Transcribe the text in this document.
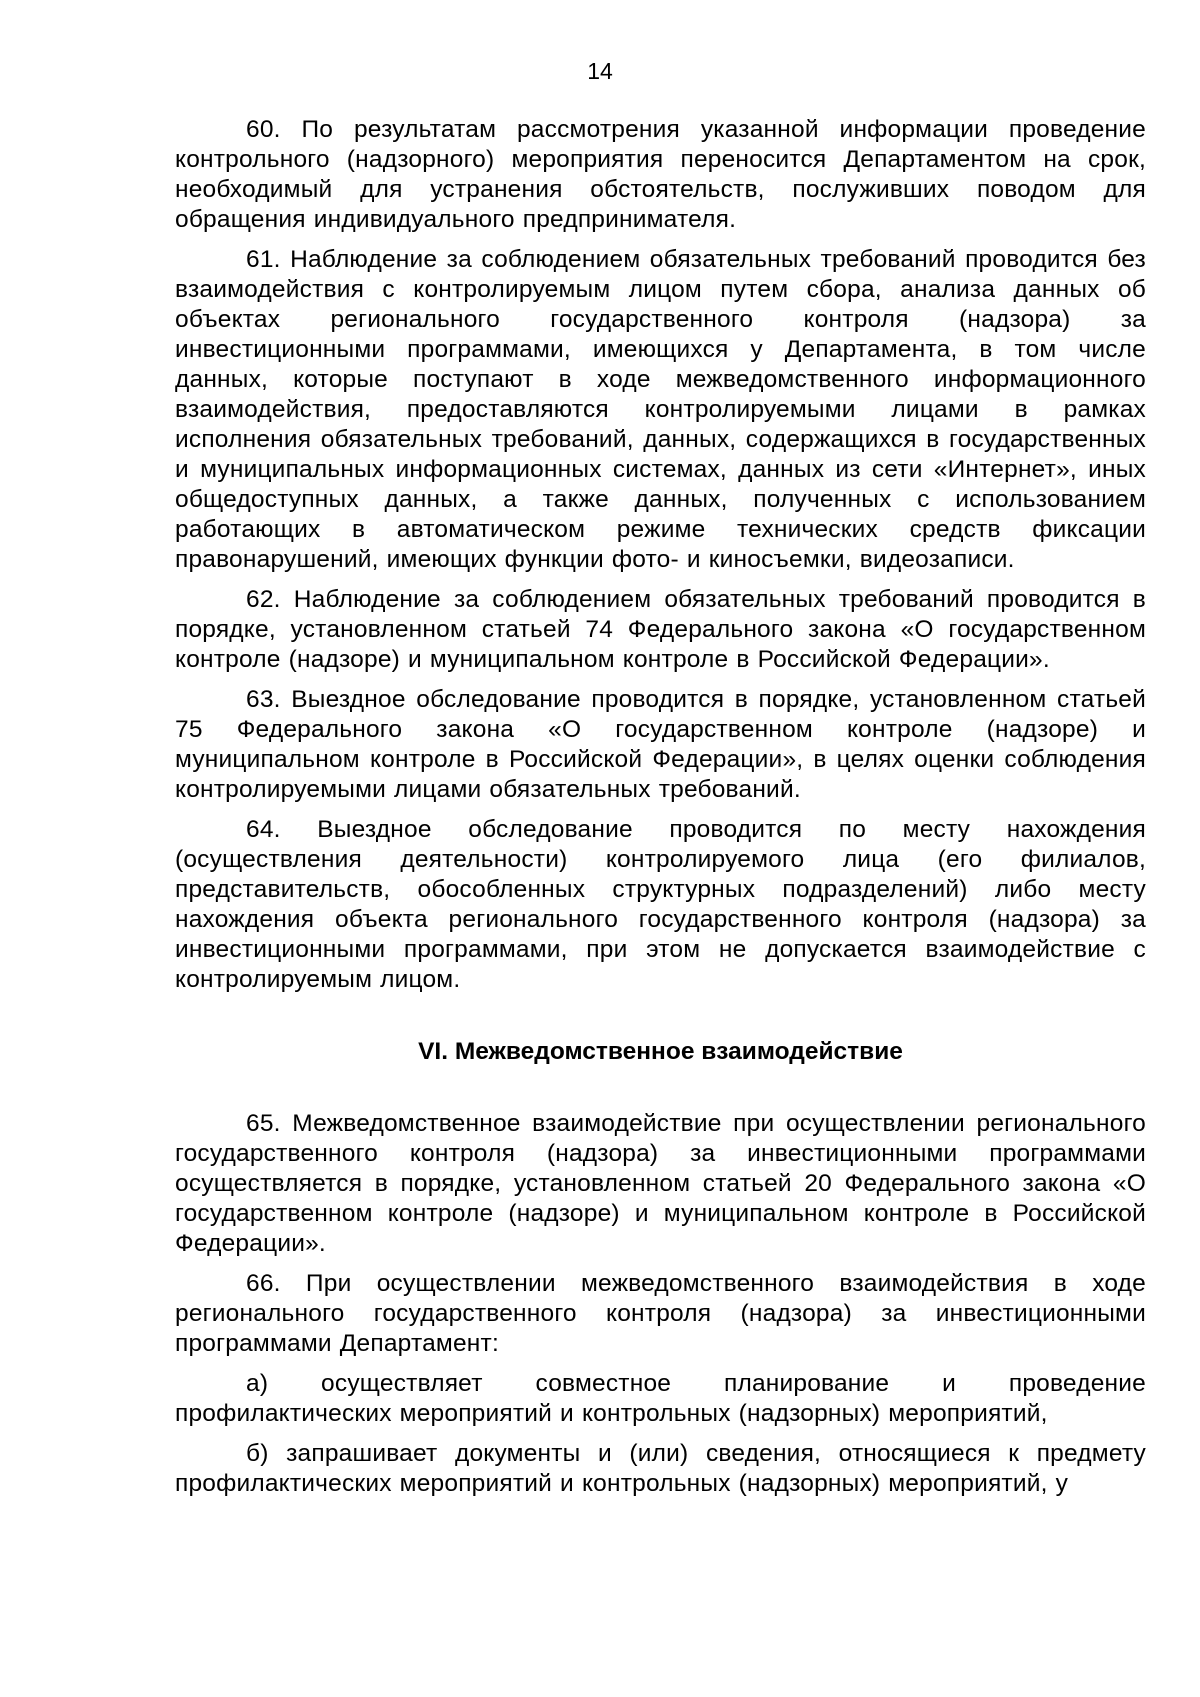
14

60. По результатам рассмотрения указанной информации проведение контрольного (надзорного) мероприятия переносится Департаментом на срок, необходимый для устранения обстоятельств, послуживших поводом для обращения индивидуального предпринимателя.

61. Наблюдение за соблюдением обязательных требований проводится без взаимодействия с контролируемым лицом путем сбора, анализа данных об объектах регионального государственного контроля (надзора) за инвестиционными программами, имеющихся у Департамента, в том числе данных, которые поступают в ходе межведомственного информационного взаимодействия, предоставляются контролируемыми лицами в рамках исполнения обязательных требований, данных, содержащихся в государственных и муниципальных информационных системах, данных из сети «Интернет», иных общедоступных данных, а также данных, полученных с использованием работающих в автоматическом режиме технических средств фиксации правонарушений, имеющих функции фото- и киносъемки, видеозаписи.

62. Наблюдение за соблюдением обязательных требований проводится в порядке, установленном статьей 74 Федерального закона «О государственном контроле (надзоре) и муниципальном контроле в Российской Федерации».

63. Выездное обследование проводится в порядке, установленном статьей 75 Федерального закона «О государственном контроле (надзоре) и муниципальном контроле в Российской Федерации», в целях оценки соблюдения контролируемыми лицами обязательных требований.

64. Выездное обследование проводится по месту нахождения (осуществления деятельности) контролируемого лица (его филиалов, представительств, обособленных структурных подразделений) либо месту нахождения объекта регионального государственного контроля (надзора) за инвестиционными программами, при этом не допускается взаимодействие с контролируемым лицом.

VI. Межведомственное взаимодействие

65. Межведомственное взаимодействие при осуществлении регионального государственного контроля (надзора) за инвестиционными программами осуществляется в порядке, установленном статьей 20 Федерального закона «О государственном контроле (надзоре) и муниципальном контроле в Российской Федерации».

66. При осуществлении межведомственного взаимодействия в ходе регионального государственного контроля (надзора) за инвестиционными программами Департамент:

а) осуществляет совместное планирование и проведение профилактических мероприятий и контрольных (надзорных) мероприятий,

б) запрашивает документы и (или) сведения, относящиеся к предмету профилактических мероприятий и контрольных (надзорных) мероприятий, у
